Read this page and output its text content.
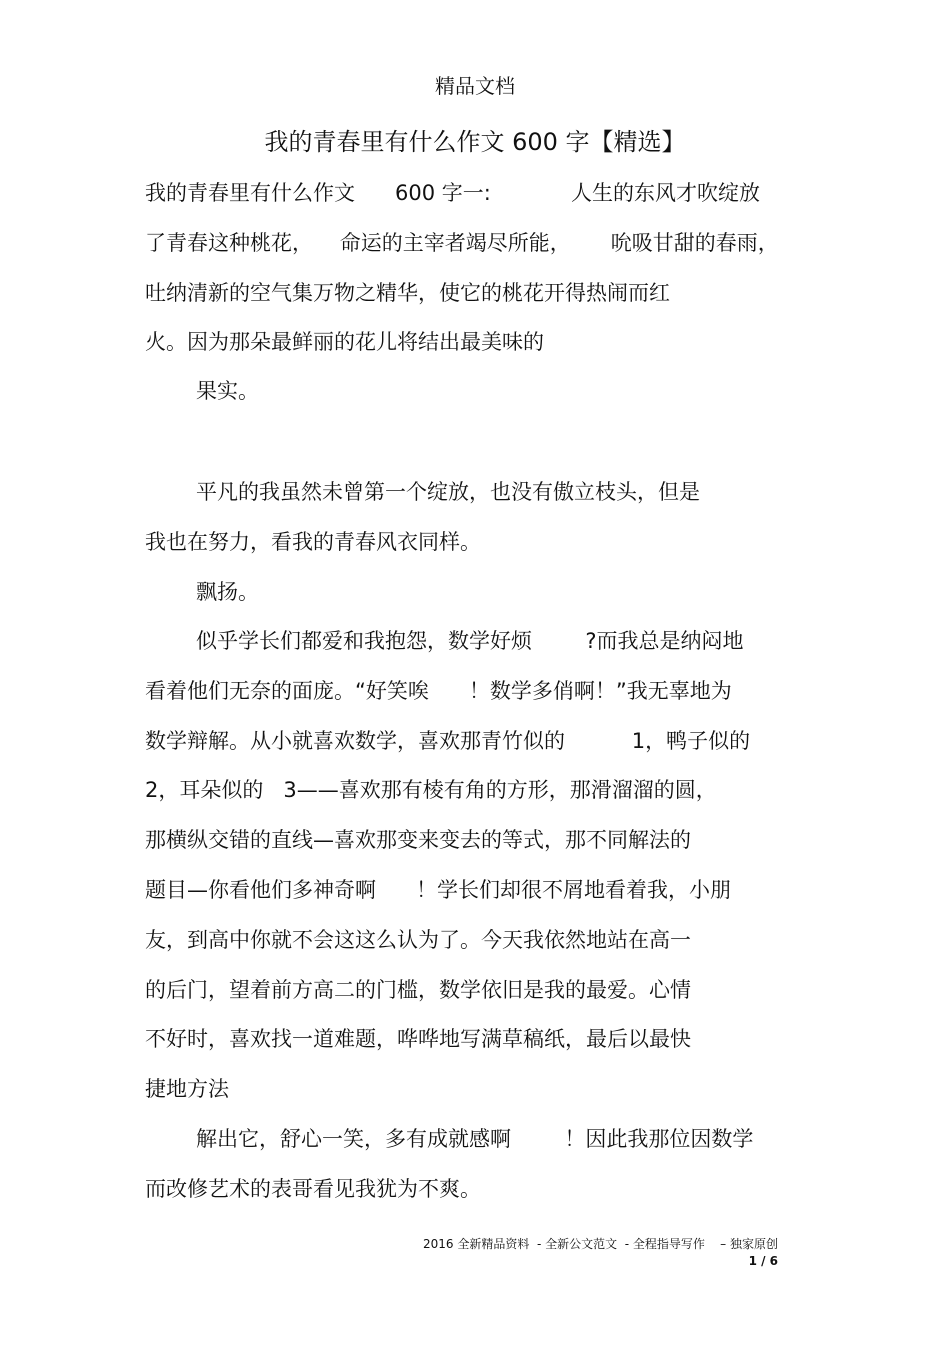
精品文档
我的青春里有什么作文 600 字【精选】
我的青春里有什么作文      600 字一:            人生的东风才吹绽放
了青春这种桃花，    命运的主宰者竭尽所能，      吮吸甘甜的春雨，
吐纳清新的空气集万物之精华，使它的桃花开得热闹而红
火。因为那朵最鲜丽的花儿将结出最美味的
果实。
平凡的我虽然未曾第一个绽放，也没有傲立枝头，但是
我也在努力，看我的青春风衣同样。
飘扬。
似乎学长们都爱和我抱怨，数学好烦        ?而我总是纳闷地
看着他们无奈的面庞。“好笑唉      ！数学多俏啊！”我无辜地为
数学辩解。从小就喜欢数学，喜欢那青竹似的          1，鸭子似的
2，耳朵似的   3——喜欢那有棱有角的方形，那滑溜溜的圆，
那横纵交错的直线—喜欢那变来变去的等式，那不同解法的
题目—你看他们多神奇啊      ！学长们却很不屑地看着我，小朋
友，到高中你就不会这这么认为了。今天我依然地站在高一
的后门，望着前方高二的门槛，数学依旧是我的最爱。心情
不好时，喜欢找一道难题，哗哗地写满草稿纸，最后以最快
捷地方法
解出它，舒心一笑，多有成就感啊        ！因此我那位因数学
而改修艺术的表哥看见我犹为不爽。
2016 全新精品资料  - 全新公文范文  - 全程指导写作    – 独家原创
1 / 6
